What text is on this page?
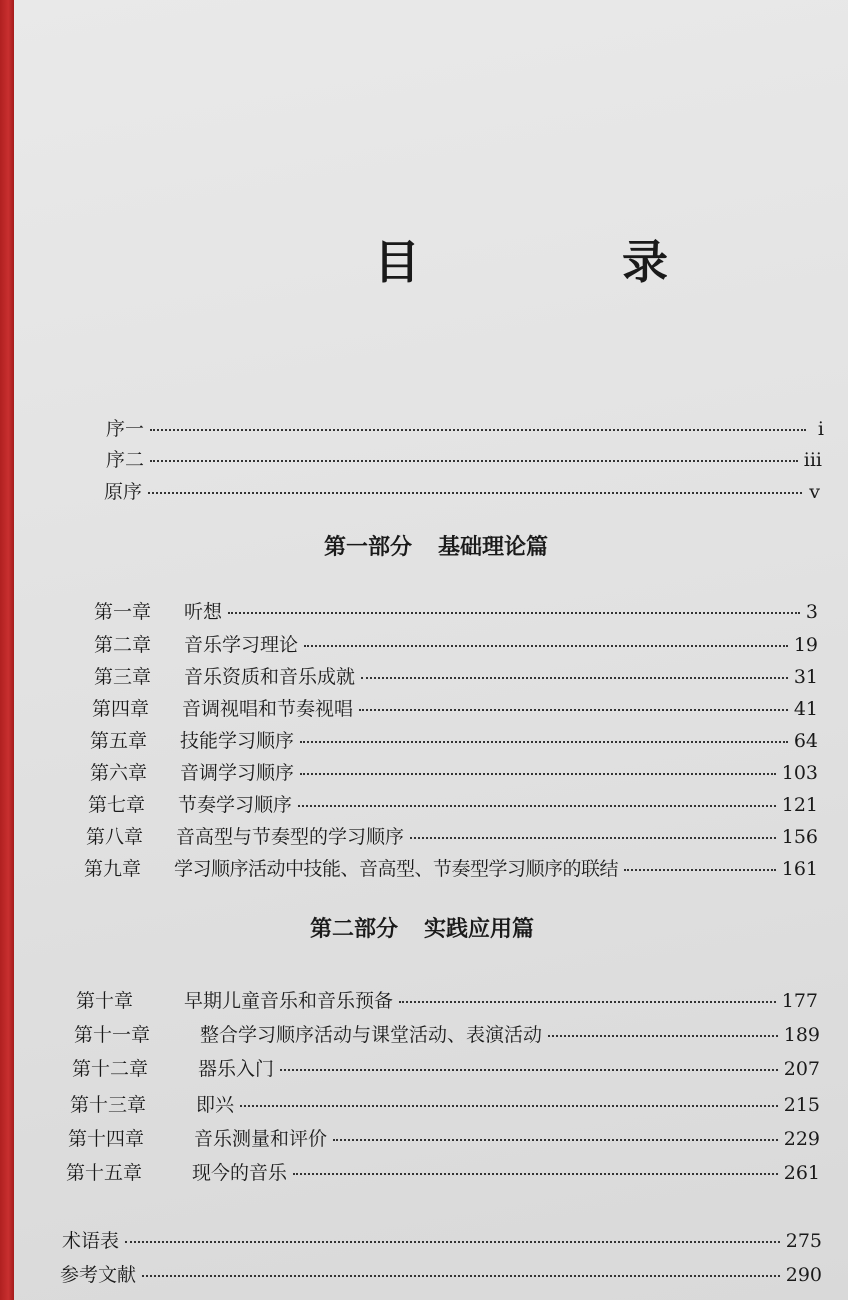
目　录
序一	i
序二	iii
原序	v
第一部分 基础理论篇
第一章	听想	3
第二章	音乐学习理论	19
第三章	音乐资质和音乐成就	31
第四章	音调视唱和节奏视唱	41
第五章	技能学习顺序	64
第六章	音调学习顺序	103
第七章	节奏学习顺序	121
第八章	音高型与节奏型的学习顺序	156
第九章	学习顺序活动中技能、音高型、节奏型学习顺序的联结	161
第二部分 实践应用篇
第十章	早期儿童音乐和音乐预备	177
第十一章	整合学习顺序活动与课堂活动、表演活动	189
第十二章	器乐入门	207
第十三章	即兴	215
第十四章	音乐测量和评价	229
第十五章	现今的音乐	261
术语表	275
参考文献	290
